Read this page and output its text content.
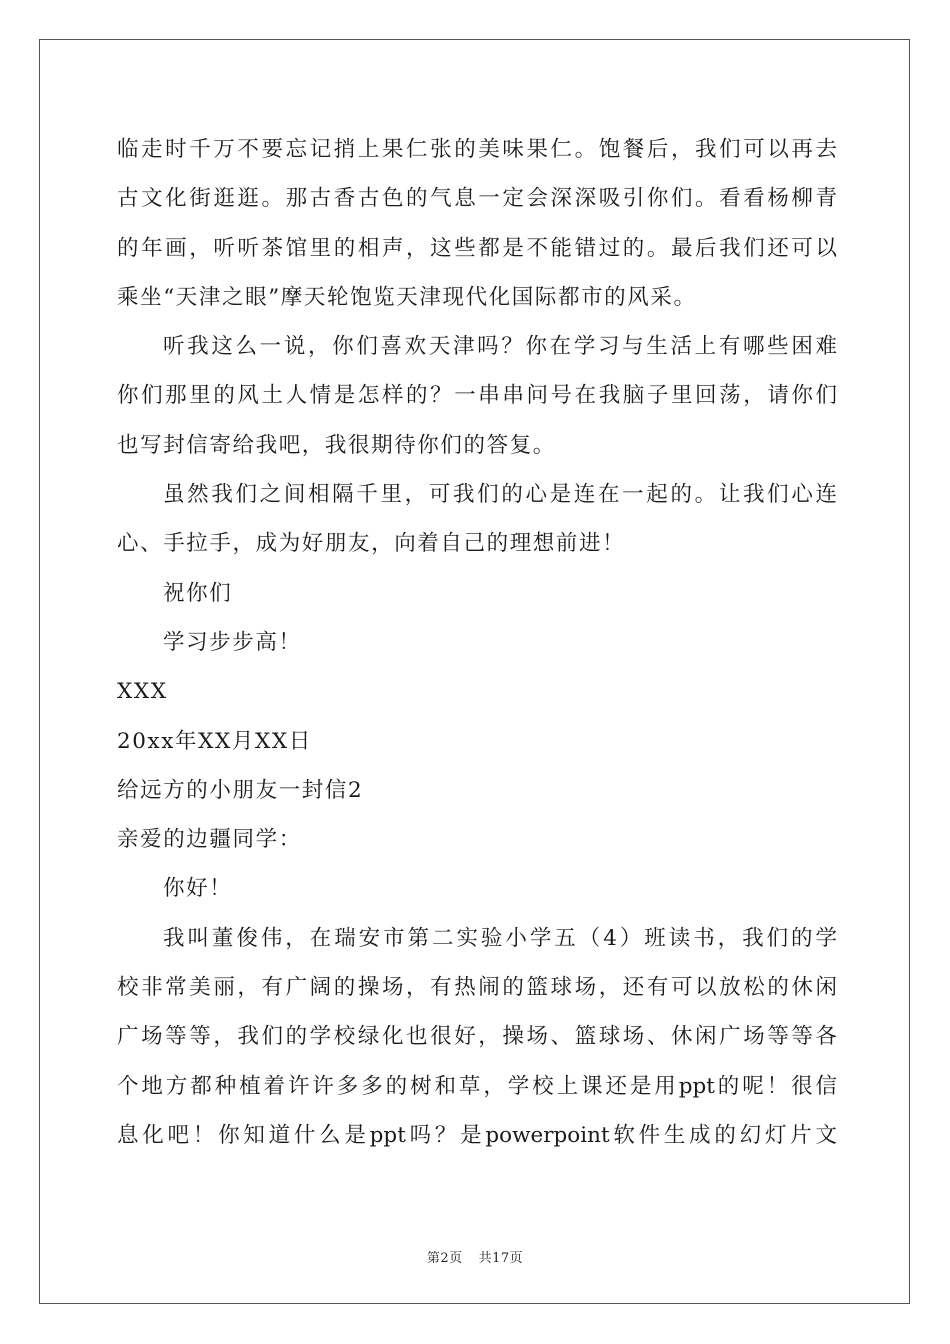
临走时千万不要忘记捎上果仁张的美味果仁。饱餐后，我们可以再去
古文化街逛逛。那古香古色的气息一定会深深吸引你们。看看杨柳青
的年画，听听茶馆里的相声，这些都是不能错过的。最后我们还可以
乘坐“天津之眼”摩天轮饱览天津现代化国际都市的风采。
听我这么一说，你们喜欢天津吗？你在学习与生活上有哪些困难
你们那里的风土人情是怎样的？一串串问号在我脑子里回荡，请你们
也写封信寄给我吧，我很期待你们的答复。
虽然我们之间相隔千里，可我们的心是连在一起的。让我们心连
心、手拉手，成为好朋友，向着自己的理想前进！
祝你们
学习步步高！
XXX
20xx年XX月XX日
给远方的小朋友一封信2
亲爱的边疆同学：
你好！
我叫董俊伟，在瑞安市第二实验小学五（4）班读书，我们的学
校非常美丽，有广阔的操场，有热闹的篮球场，还有可以放松的休闲
广场等等，我们的学校绿化也很好，操场、篮球场、休闲广场等等各
个地方都种植着许许多多的树和草，学校上课还是用ppt的呢！很信
息化吧！你知道什么是ppt吗？是powerpoint软件生成的幻灯片文
第2页 共17页
